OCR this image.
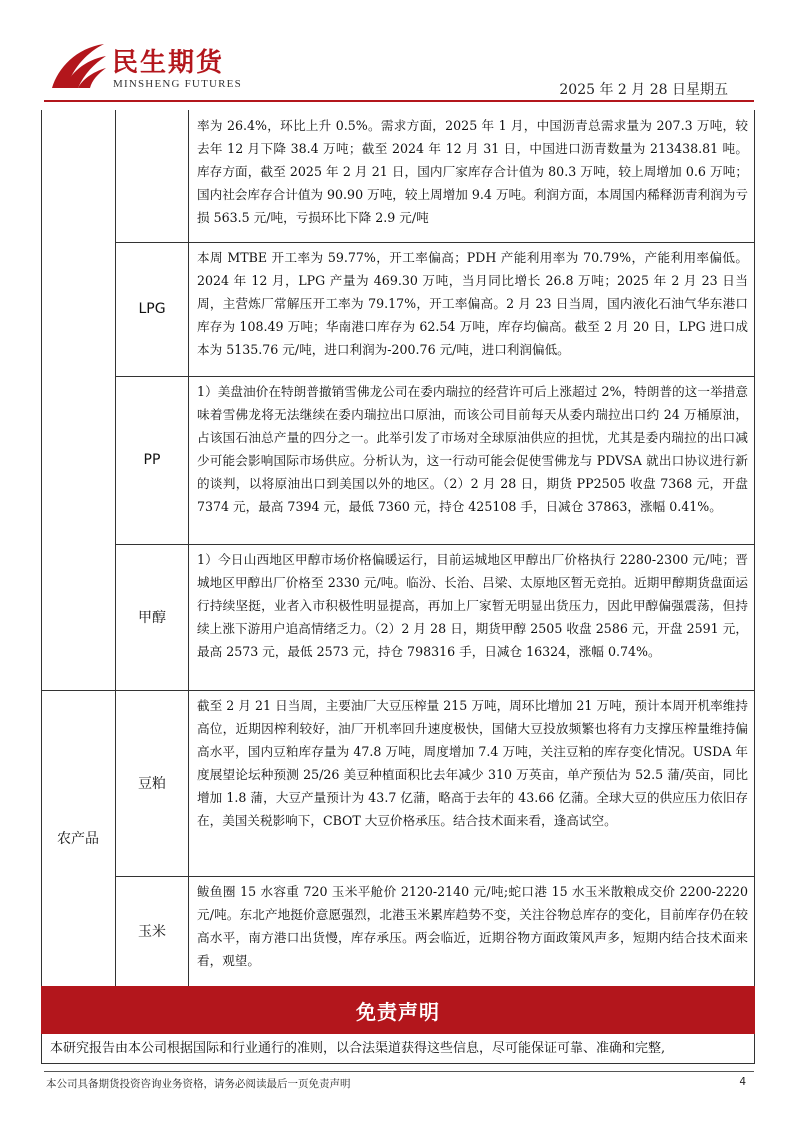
民生期货
MINSHENG FUTURES	2025 年 2 月 28 日星期五
率为 26.4%，环比上升 0.5%。需求方面，2025 年 1 月，中国沥青总需求量为 207.3 万吨，较去年 12 月下降 38.4 万吨；截至 2024 年 12 月 31 日，中国进口沥青数量为 213438.81 吨。库存方面，截至 2025 年 2 月 21 日，国内厂家库存合计值为 80.3 万吨，较上周增加 0.6 万吨；国内社会库存合计值为 90.90 万吨，较上周增加 9.4 万吨。利润方面，本周国内稀释沥青利润为亏损 563.5 元/吨，亏损环比下降 2.9 元/吨
LPG
本周 MTBE 开工率为 59.77%，开工率偏高；PDH 产能利用率为 70.79%，产能利用率偏低。2024 年 12 月，LPG 产量为 469.30 万吨，当月同比增长 26.8 万吨；2025 年 2 月 23 日当周，主营炼厂常解压开工率为 79.17%，开工率偏高。2 月 23 日当周，国内液化石油气华东港口库存为 108.49 万吨；华南港口库存为 62.54 万吨，库存均偏高。截至 2 月 20 日，LPG 进口成本为 5135.76 元/吨，进口利润为-200.76 元/吨，进口利润偏低。
PP
1）美盘油价在特朗普撤销雪佛龙公司在委内瑞拉的经营许可后上涨超过 2%，特朗普的这一举措意味着雪佛龙将无法继续在委内瑞拉出口原油，而该公司目前每天从委内瑞拉出口约 24 万桶原油，占该国石油总产量的四分之一。此举引发了市场对全球原油供应的担忧，尤其是委内瑞拉的出口减少可能会影响国际市场供应。分析认为，这一行动可能会促使雪佛龙与 PDVSA 就出口协议进行新的谈判，以将原油出口到美国以外的地区。（2）2 月 28 日，期货 PP2505 收盘 7368 元，开盘 7374 元，最高 7394 元，最低 7360 元，持仓 425108 手，日减仓 37863，涨幅 0.41%。
甲醇
1）今日山西地区甲醇市场价格偏暖运行，目前运城地区甲醇出厂价格执行 2280-2300 元/吨；晋城地区甲醇出厂价格至 2330 元/吨。临汾、长治、吕梁、太原地区暂无竞拍。近期甲醇期货盘面运行持续坚挺，业者入市积极性明显提高，再加上厂家暂无明显出货压力，因此甲醇偏强震荡，但持续上涨下游用户追高情绪乏力。（2）2 月 28 日，期货甲醇 2505 收盘 2586 元，开盘 2591 元，最高 2573 元，最低 2573 元，持仓 798316 手，日减仓 16324，涨幅 0.74%。
豆粕
截至 2 月 21 日当周，主要油厂大豆压榨量 215 万吨，周环比增加 21 万吨，预计本周开机率维持高位，近期因榨利较好，油厂开机率回升速度极快，国储大豆投放频繁也将有力支撑压榨量维持偏高水平，国内豆粕库存量为 47.8 万吨，周度增加 7.4 万吨，关注豆粕的库存变化情况。USDA 年度展望论坛种预测 25/26 美豆种植面积比去年减少 310 万英亩，单产预估为 52.5 蒲/英亩，同比增加 1.8 蒲，大豆产量预计为 43.7 亿蒲，略高于去年的 43.66 亿蒲。全球大豆的供应压力依旧存在，美国关税影响下，CBOT 大豆价格承压。结合技术面来看，逢高试空。
玉米
鲅鱼圈 15 水容重 720 玉米平舱价 2120-2140 元/吨;蛇口港 15 水玉米散粮成交价 2200-2220 元/吨。东北产地挺价意愿强烈，北港玉米累库趋势不变，关注谷物总库存的变化，目前库存仍在较高水平，南方港口出货慢，库存承压。两会临近，近期谷物方面政策风声多，短期内结合技术面来看，观望。
农产品
免责声明
本研究报告由本公司根据国际和行业通行的准则，以合法渠道获得这些信息，尽可能保证可靠、准确和完整,
本公司具备期货投资咨询业务资格，请务必阅读最后一页免责声明	4
